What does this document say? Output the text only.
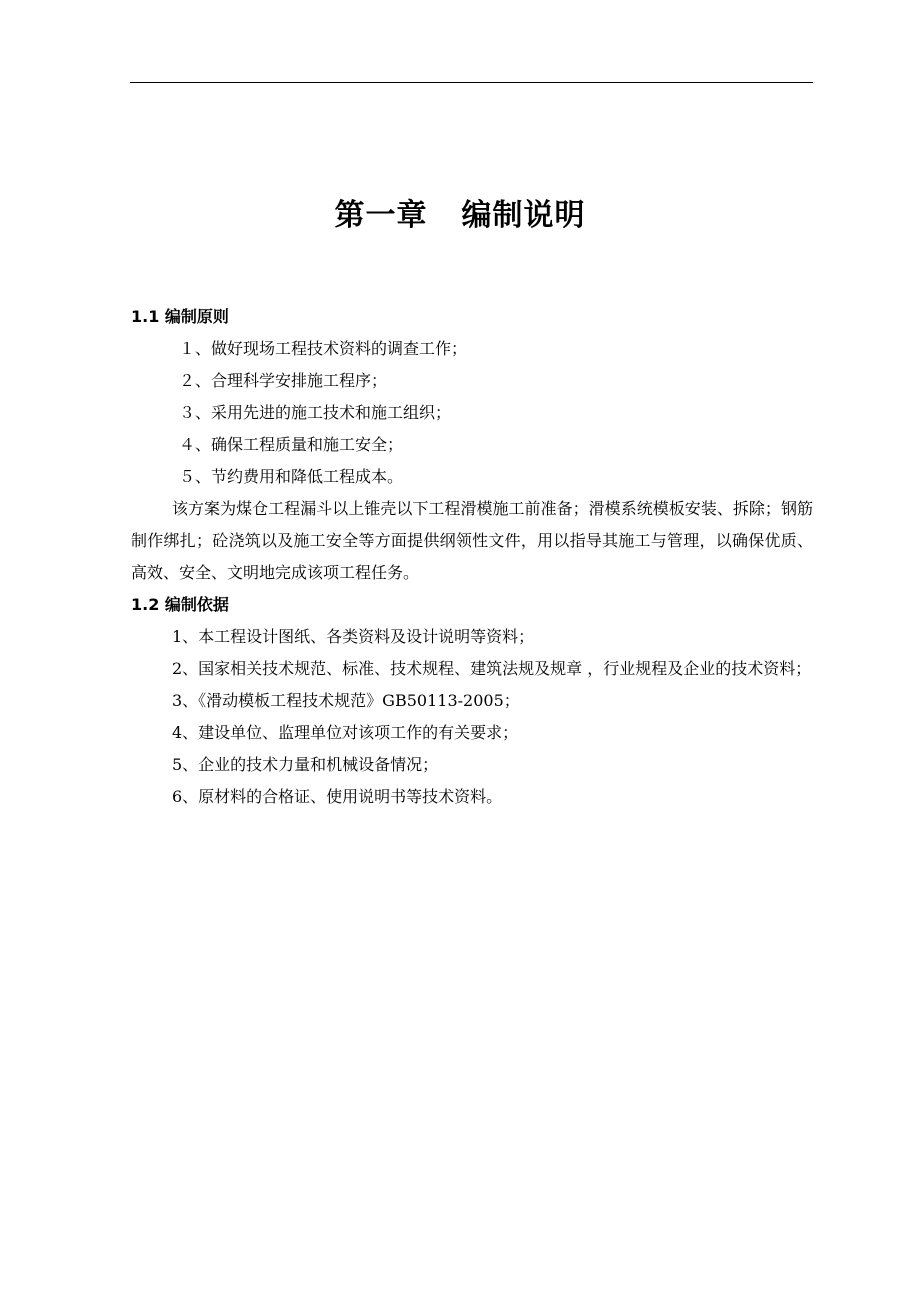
第一章 编制说明

1.1 编制原则

１、做好现场工程技术资料的调查工作；

２、合理科学安排施工程序；

３、采用先进的施工技术和施工组织；

４、确保工程质量和施工安全；

５、节约费用和降低工程成本。

该方案为煤仓工程漏斗以上锥壳以下工程滑模施工前准备；滑模系统模板安装、拆除；钢筋制作绑扎；砼浇筑以及施工安全等方面提供纲领性文件，用以指导其施工与管理，以确保优质、高效、安全、文明地完成该项工程任务。

1.2 编制依据

1、本工程设计图纸、各类资料及设计说明等资料；

2、国家相关技术规范、标准、技术规程、建筑法规及规章 ，行业规程及企业的技术资料；

3、《滑动模板工程技术规范》GB50113-2005；

4、建设单位、监理单位对该项工作的有关要求；

5、企业的技术力量和机械设备情况；

6、原材料的合格证、使用说明书等技术资料。
